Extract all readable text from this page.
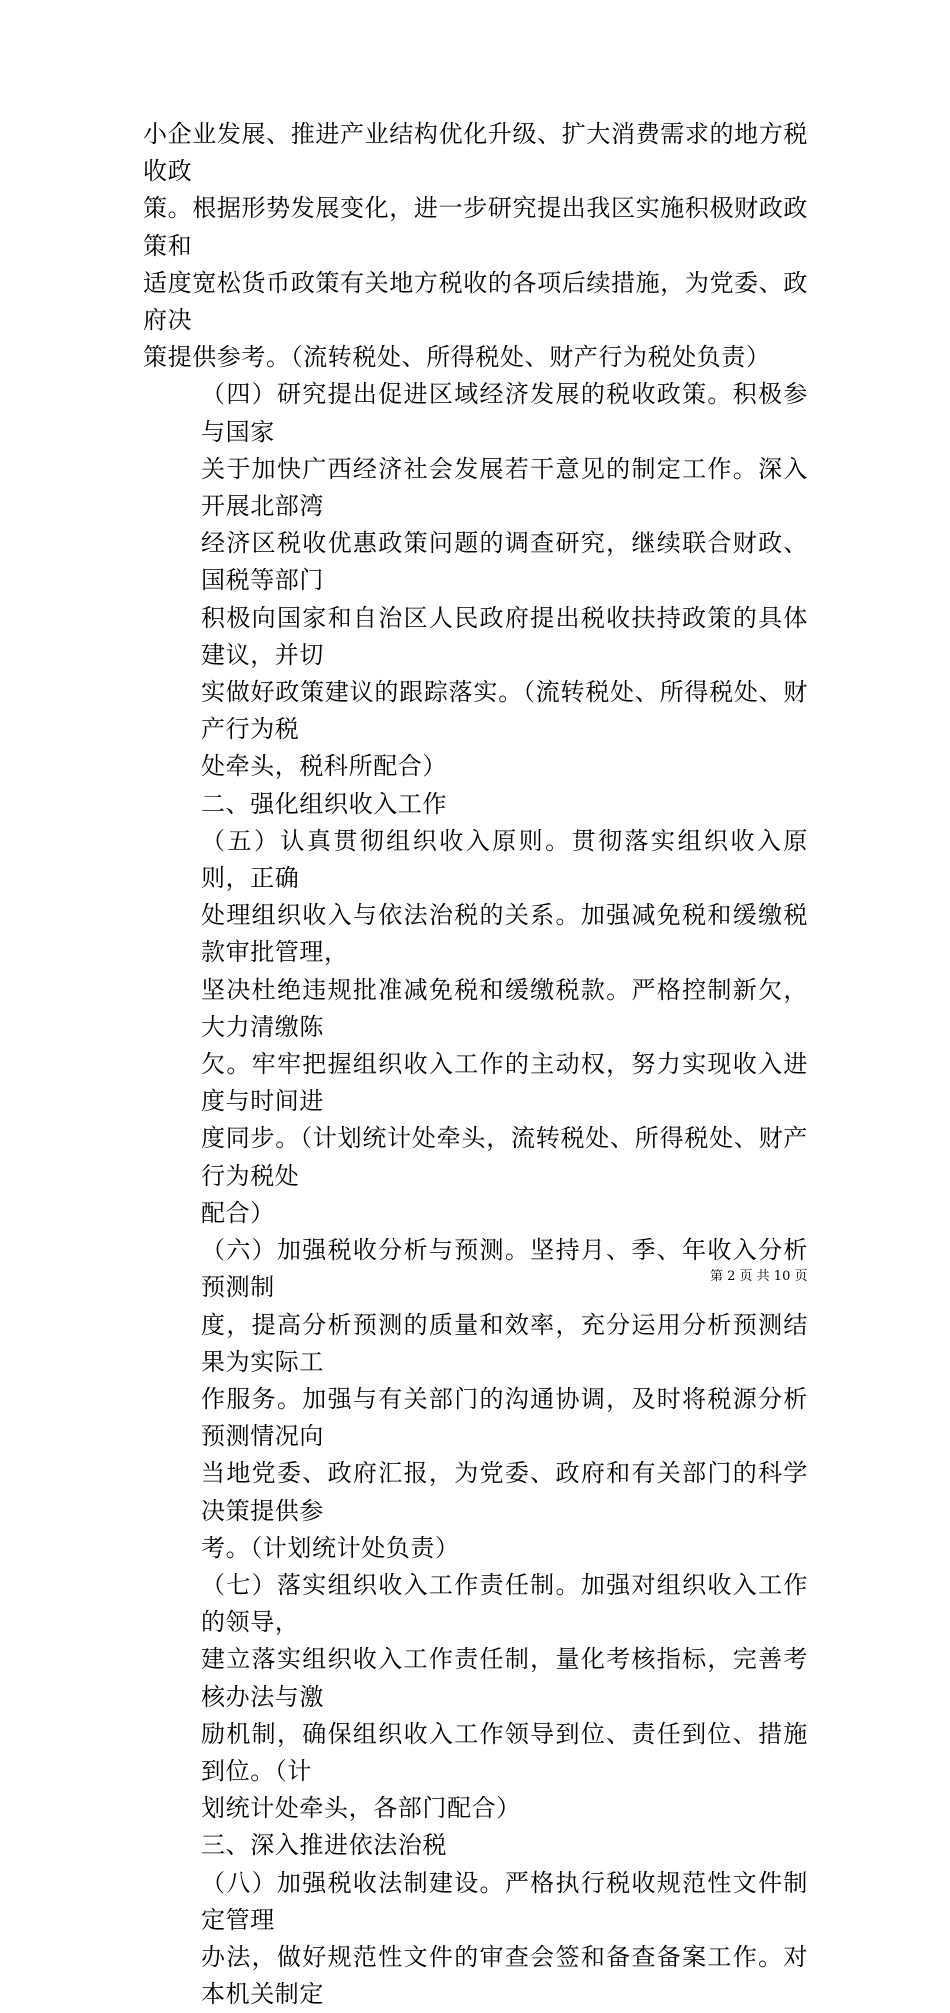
小企业发展、推进产业结构优化升级、扩大消费需求的地方税收政
策。根据形势发展变化，进一步研究提出我区实施积极财政政策和
适度宽松货币政策有关地方税收的各项后续措施，为党委、政府决
策提供参考。（流转税处、所得税处、财产行为税处负责）

（四）研究提出促进区域经济发展的税收政策。积极参与国家
关于加快广西经济社会发展若干意见的制定工作。深入开展北部湾
经济区税收优惠政策问题的调查研究，继续联合财政、国税等部门
积极向国家和自治区人民政府提出税收扶持政策的具体建议，并切
实做好政策建议的跟踪落实。（流转税处、所得税处、财产行为税
处牵头，税科所配合）

二、强化组织收入工作

（五）认真贯彻组织收入原则。贯彻落实组织收入原则，正确
处理组织收入与依法治税的关系。加强减免税和缓缴税款审批管理，
坚决杜绝违规批准减免税和缓缴税款。严格控制新欠，大力清缴陈
欠。牢牢把握组织收入工作的主动权，努力实现收入进度与时间进
度同步。（计划统计处牵头，流转税处、所得税处、财产行为税处
配合）

（六）加强税收分析与预测。坚持月、季、年收入分析预测制
度，提高分析预测的质量和效率，充分运用分析预测结果为实际工
作服务。加强与有关部门的沟通协调，及时将税源分析预测情况向
当地党委、政府汇报，为党委、政府和有关部门的科学决策提供参
考。（计划统计处负责）

（七）落实组织收入工作责任制。加强对组织收入工作的领导，
建立落实组织收入工作责任制，量化考核指标，完善考核办法与激
励机制，确保组织收入工作领导到位、责任到位、措施到位。（计
划统计处牵头，各部门配合）

三、深入推进依法治税

（八）加强税收法制建设。严格执行税收规范性文件制定管理
办法，做好规范性文件的审查会签和备查备案工作。对本机关制定

第 2 页 共 10 页
